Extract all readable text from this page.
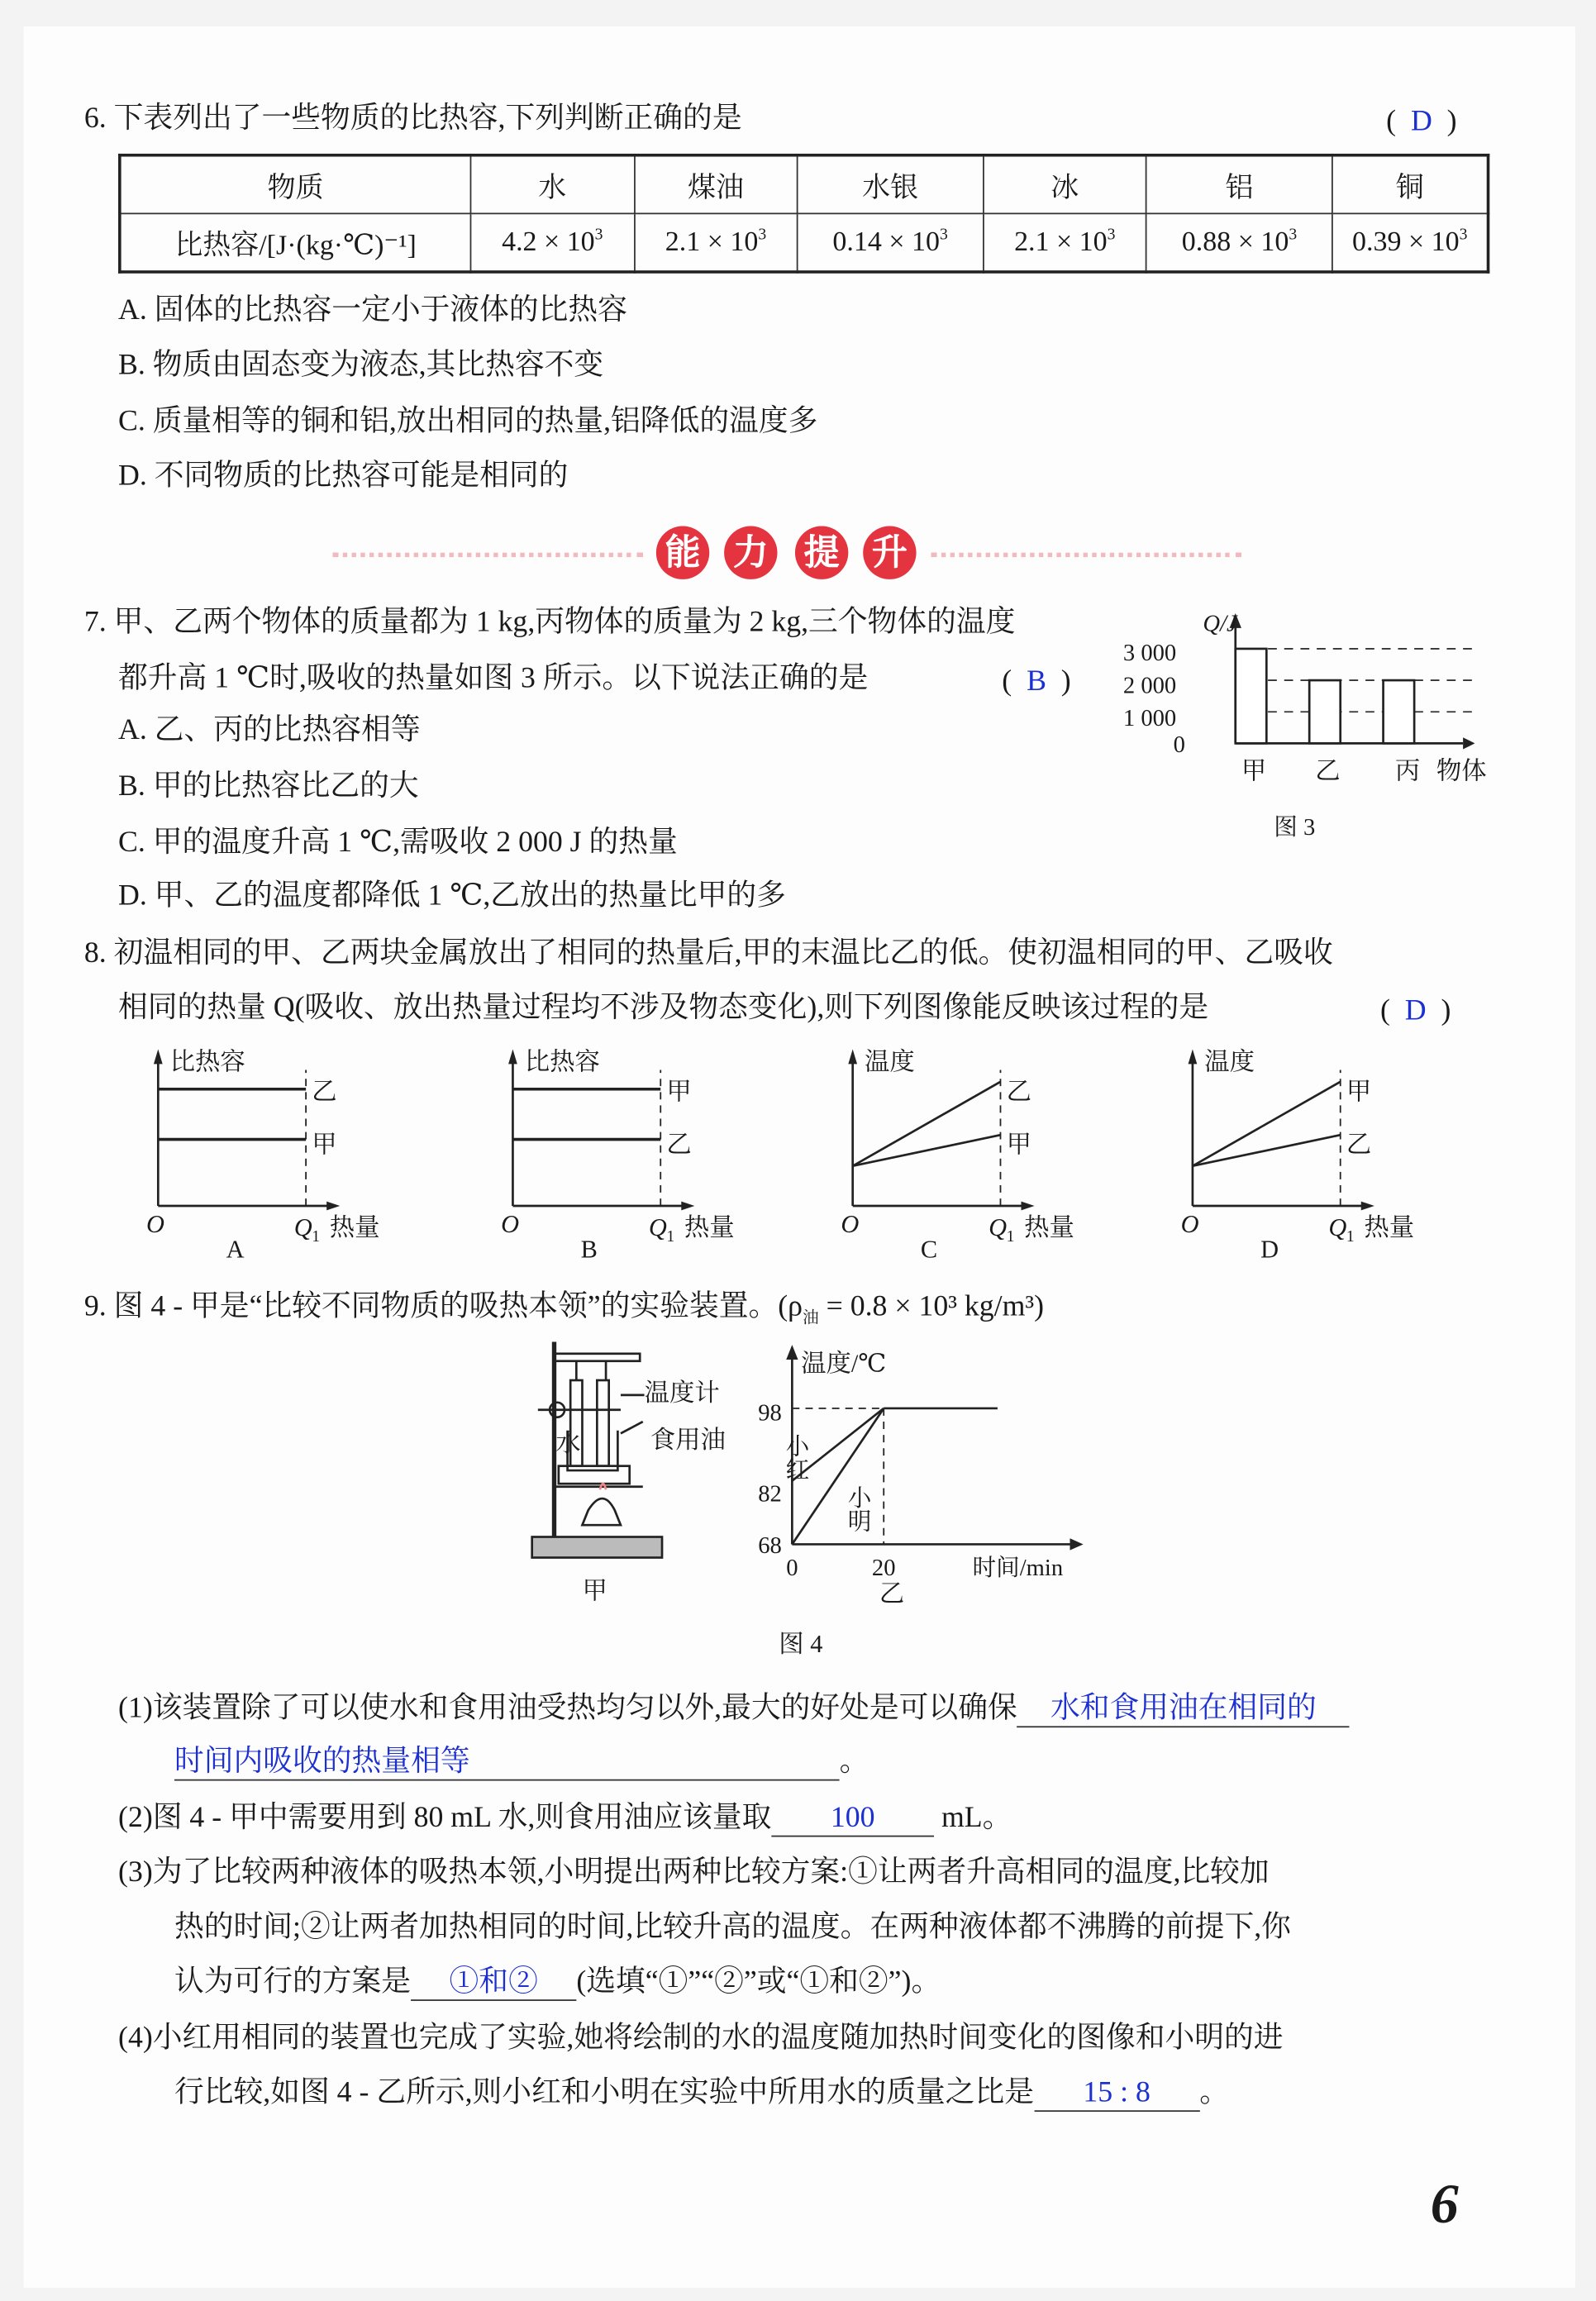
6. 下表列出了一些物质的比热容,下列判断正确的是	(  D  )
物质	水	煤油	水银	冰	铝	铜
比热容/[J·(kg·℃)⁻¹]	$4.2 \times 10^3$	$2.1 \times 10^3$	$0.14 \times 10^3$	$2.1 \times 10^3$	$0.88 \times 10^3$	$0.39 \times 10^3$
A. 固体的比热容一定小于液体的比热容
B. 物质由固态变为液态,其比热容不变
C. 质量相等的铜和铝,放出相同的热量,铝降低的温度多
D. 不同物质的比热容可能是相同的
能	力	提	升
7. 甲、乙两个物体的质量都为 1 kg,丙物体的质量为 2 kg,三个物体的温度
都升高 1 ℃时,吸收的热量如图 3 所示。以下说法正确的是	(  B  )
A. 乙、丙的比热容相等
B. 甲的比热容比乙的大
C. 甲的温度升高 1 ℃,需吸收 2 000 J 的热量
D. 甲、乙的温度都降低 1 ℃,乙放出的热量比甲的多
Q/J
3 000
2 000
1 000
0
甲	乙	丙 物体
图 3
8. 初温相同的甲、乙两块金属放出了相同的热量后,甲的末温比乙的低。使初温相同的甲、乙吸收
相同的热量 Q(吸收、放出热量过程均不涉及物态变化),则下列图像能反映该过程的是	(  D  )
比热容
乙
甲
O	Q 1 热量
A
比热容
甲
乙
O	Q 1 热量
B
温度
乙
甲
O	Q 1 热量
C
温度
甲
乙
O	Q 1 热量
D
9. 图 4 - 甲是“比较不同物质的吸热本领”的实验装置。($\rho_油 = 0.8 \times 10^3$ kg/m³)
温度计
食用油
水
甲
温度/℃
98
82
68
0	20	时间/min
乙
小红
小明
图 4
(1)该装置除了可以使水和食用油受热均匀以外,最大的好处是可以确保 水和食用油在相同的
时间内吸收的热量相等	。
(2)图 4 - 甲中需要用到 80 mL 水,则食用油应该量取	100	mL。
(3)为了比较两种液体的吸热本领,小明提出两种比较方案:①让两者升高相同的温度,比较加
热的时间;②让两者加热相同的时间,比较升高的温度。在两种液体都不沸腾的前提下,你
认为可行的方案是 ①和② (选填“①”“②”或“①和②”)。
(4)小红用相同的装置也完成了实验,她将绘制的水的温度随加热时间变化的图像和小明的进
行比较,如图 4 - 乙所示,则小红和小明在实验中所用水的质量之比是	15 : 8	。
6
